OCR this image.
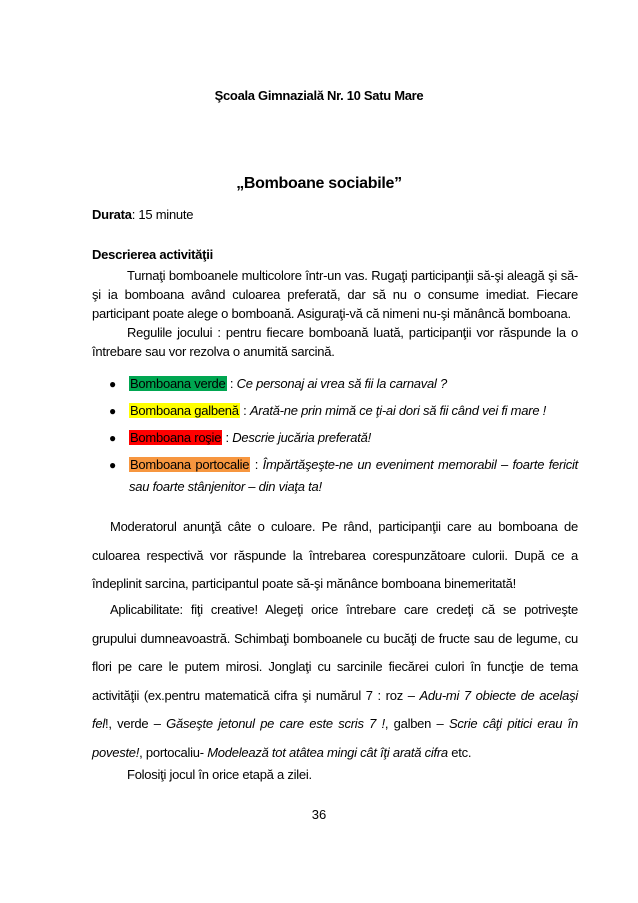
Şcoala Gimnazială Nr. 10 Satu Mare
„Bomboane sociabile”
Durata: 15 minute
Descrierea activităţii
Turnaţi bomboanele multicolore într-un vas. Rugaţi participanţii să-şi aleagă şi să-şi ia bomboana având culoarea preferată, dar să nu o consume imediat. Fiecare participant poate alege o bomboană. Asiguraţi-vă că nimeni nu-şi mănâncă bomboana.
Regulile jocului : pentru fiecare bomboană luată, participanţii vor răspunde la o întrebare sau vor rezolva o anumită sarcină.
● Bomboana verde : Ce personaj ai vrea să fii la carnaval ?
● Bomboana galbenă : Arată-ne prin mimă ce ţi-ai dori să fii când vei fi mare !
● Bomboana roşie : Descrie jucăria preferată!
● Bomboana portocalie : Împărtăşeşte-ne un eveniment memorabil – foarte fericit sau foarte stânjenitor – din viaţa ta!
Moderatorul anunţă câte o culoare. Pe rând, participanţii care au bomboana de culoarea respectivă vor răspunde la întrebarea corespunzătoare culorii. După ce a îndeplinit sarcina, participantul poate să-şi mănânce bomboana binemeritată!
Aplicabilitate: fiţi creative! Alegeţi orice întrebare care credeţi că se potriveşte grupului dumneavoastră. Schimbaţi bomboanele cu bucăţi de fructe sau de legume, cu flori pe care le putem mirosi. Jonglaţi cu sarcinile fiecărei culori în funcţie de tema activităţii (ex.pentru matematică cifra şi numărul 7 : roz – Adu-mi 7 obiecte de acelaşi fel!, verde – Găseşte jetonul pe care este scris 7 !, galben – Scrie câţi pitici erau în poveste!, portocaliu- Modelează tot atâtea mingi cât îţi arată cifra etc.
Folosiţi jocul în orice etapă a zilei.
36
